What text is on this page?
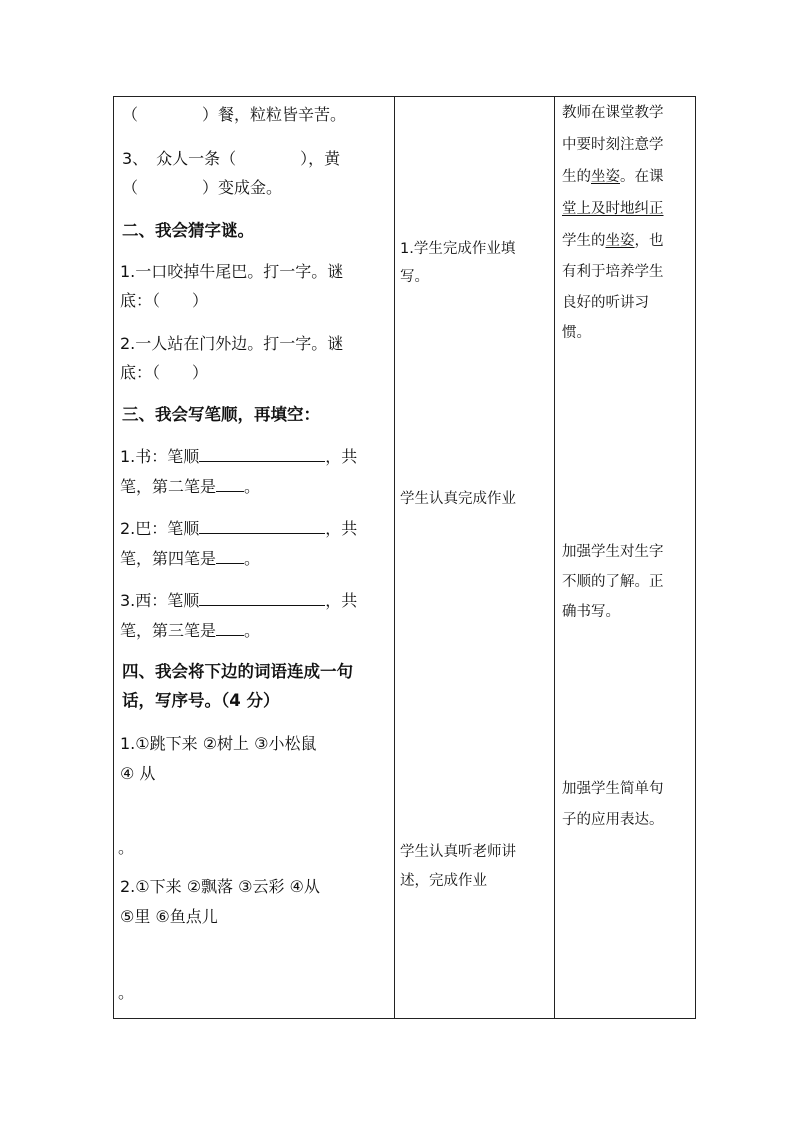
（　　　　）餐，粒粒皆辛苦。
3、　众人一条（　　　　），黄
（　　　　）变成金。
二、我会猜字谜。
1.一口咬掉牛尾巴。打一字。谜
底：（　　）
2.一人站在门外边。打一字。谜
底：（　　）
三、我会写笔顺，再填空：
1.书：笔顺	，共
笔，第二笔是 。
2.巴：笔顺	，共
笔，第四笔是 。
3.西：笔顺	，共
笔，第三笔是 。
四、我会将下边的词语连成一句
话，写序号。（4 分）
1.①跳下来 ②树上 ③小松鼠
④ 从
。
2.①下来 ②飘落 ③云彩 ④从
⑤里 ⑥鱼点儿
。
1.学生完成作业填
写。
学生认真完成作业
学生认真听老师讲
述，完成作业
教师在课堂教学
中要时刻注意学
生的坐姿。在课
堂上及时地纠正
学生的坐姿，也
有利于培养学生
良好的听讲习
惯。
加强学生对生字
不顺的了解。正
确书写。
加强学生简单句
子的应用表达。
